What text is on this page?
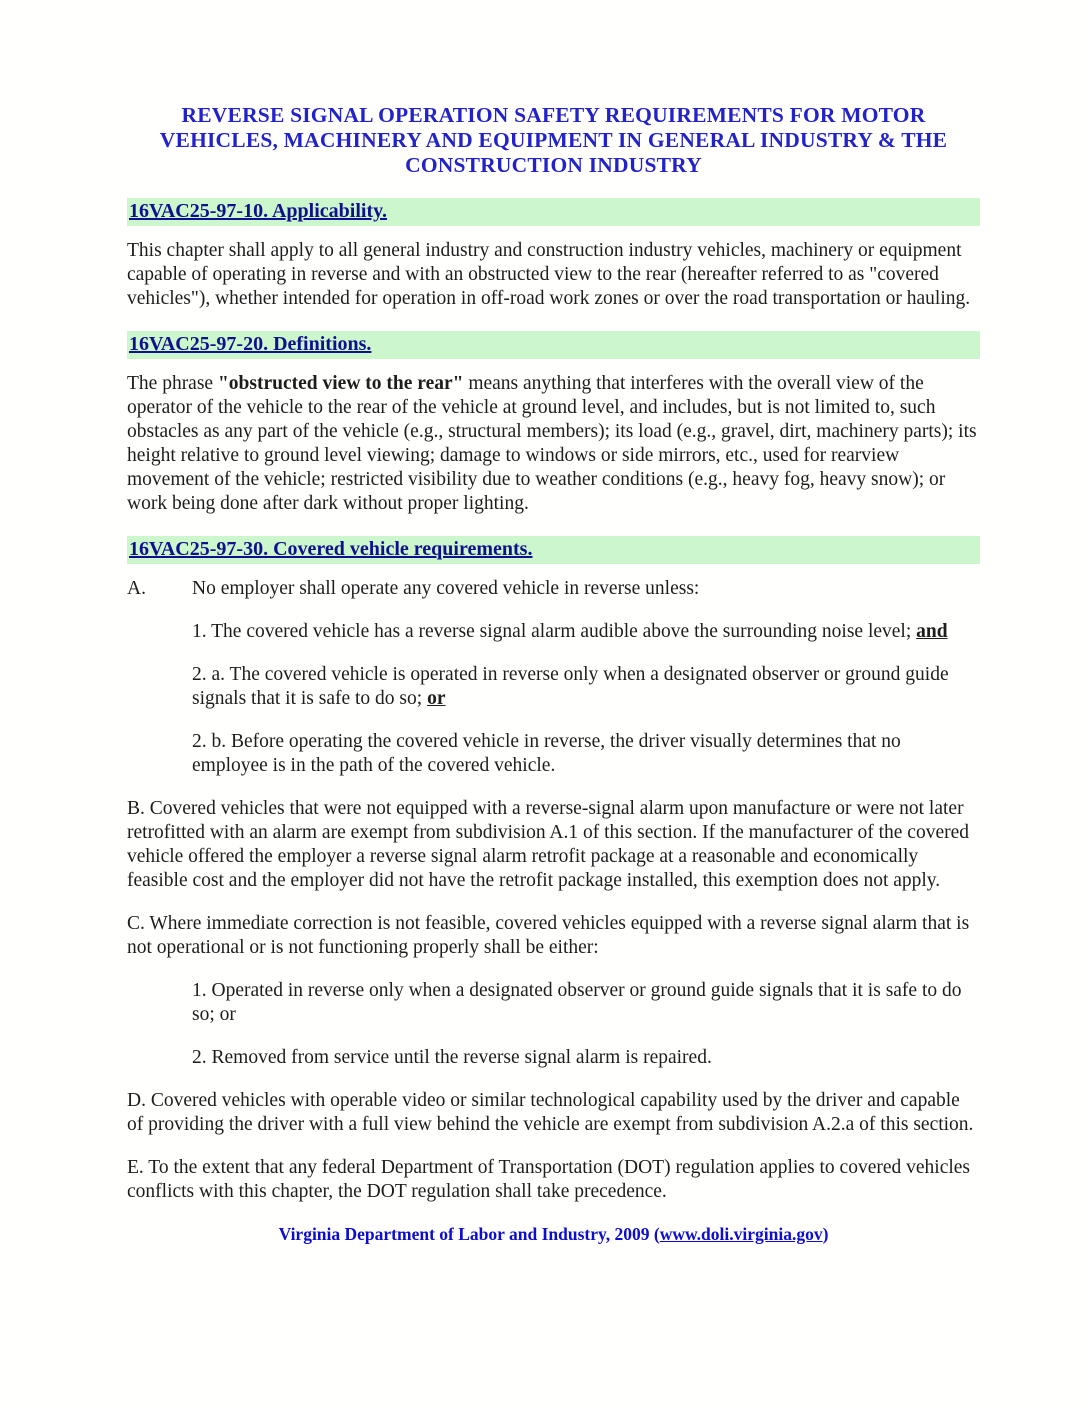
REVERSE SIGNAL OPERATION SAFETY REQUIREMENTS FOR MOTOR
VEHICLES, MACHINERY AND EQUIPMENT IN GENERAL INDUSTRY & THE
CONSTRUCTION INDUSTRY
16VAC25-97-10. Applicability.

This chapter shall apply to all general industry and construction industry vehicles, machinery or equipment capable of operating in reverse and with an obstructed view to the rear (hereafter referred to as "covered vehicles"), whether intended for operation in off-road work zones or over the road transportation or hauling.

16VAC25-97-20. Definitions.

The phrase "obstructed view to the rear" means anything that interferes with the overall view of the operator of the vehicle to the rear of the vehicle at ground level, and includes, but is not limited to, such obstacles as any part of the vehicle (e.g., structural members); its load (e.g., gravel, dirt, machinery parts); its height relative to ground level viewing; damage to windows or side mirrors, etc., used for rearview movement of the vehicle; restricted visibility due to weather conditions (e.g., heavy fog, heavy snow); or work being done after dark without proper lighting.

16VAC25-97-30. Covered vehicle requirements.
A.	No employer shall operate any covered vehicle in reverse unless:

1. The covered vehicle has a reverse signal alarm audible above the surrounding noise level; and

2. a. The covered vehicle is operated in reverse only when a designated observer or ground guide signals that it is safe to do so; or

2. b. Before operating the covered vehicle in reverse, the driver visually determines that no employee is in the path of the covered vehicle.

B. Covered vehicles that were not equipped with a reverse-signal alarm upon manufacture or were not later retrofitted with an alarm are exempt from subdivision A.1 of this section. If the manufacturer of the covered vehicle offered the employer a reverse signal alarm retrofit package at a reasonable and economically feasible cost and the employer did not have the retrofit package installed, this exemption does not apply.

C. Where immediate correction is not feasible, covered vehicles equipped with a reverse signal alarm that is not operational or is not functioning properly shall be either:

1. Operated in reverse only when a designated observer or ground guide signals that it is safe to do so; or

2. Removed from service until the reverse signal alarm is repaired.

D. Covered vehicles with operable video or similar technological capability used by the driver and capable of providing the driver with a full view behind the vehicle are exempt from subdivision A.2.a of this section.

E. To the extent that any federal Department of Transportation (DOT) regulation applies to covered vehicles conflicts with this chapter, the DOT regulation shall take precedence.

Virginia Department of Labor and Industry, 2009 (www.doli.virginia.gov)
